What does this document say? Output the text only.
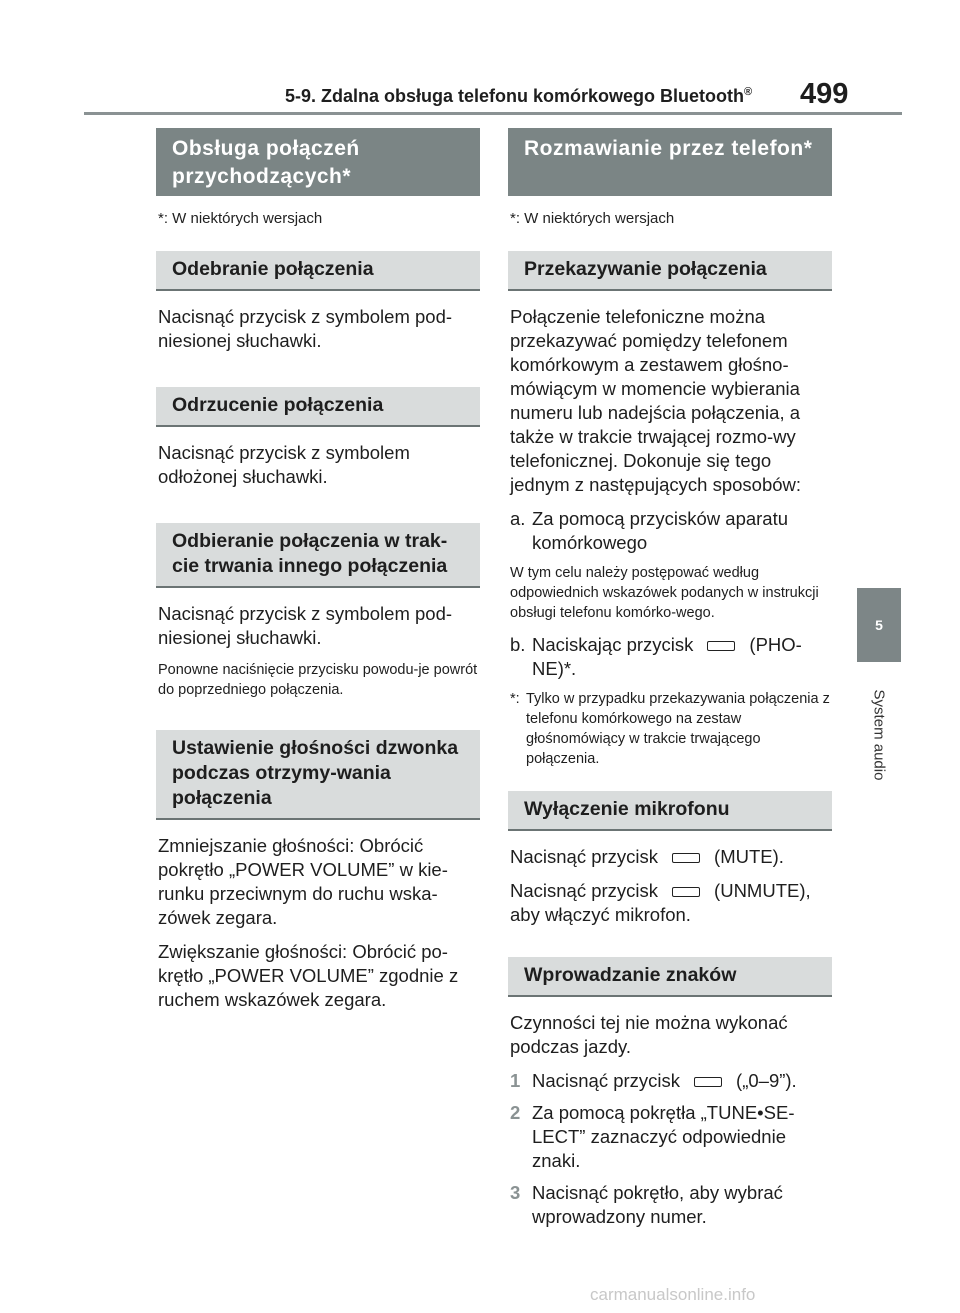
5-9. Zdalna obsługa telefonu komórkowego Bluetooth® 499
5
System audio
Obsługa połączeń przychodzących*
*: W niektórych wersjach
Odebranie połączenia
Nacisnąć przycisk z symbolem pod-niesionej słuchawki.
Odrzucenie połączenia
Nacisnąć przycisk z symbolem odłożonej słuchawki.
Odbieranie połączenia w trak-cie trwania innego połączenia
Nacisnąć przycisk z symbolem pod-niesionej słuchawki.
Ponowne naciśnięcie przycisku powodu-je powrót do poprzedniego połączenia.
Ustawienie głośności dzwonka podczas otrzymy-wania połączenia
Zmniejszanie głośności: Obrócić pokrętło „POWER VOLUME” w kie-runku przeciwnym do ruchu wska-zówek zegara.
Zwiększanie głośności: Obrócić po-krętło „POWER VOLUME” zgodnie z ruchem wskazówek zegara.
Rozmawianie przez telefon*
*: W niektórych wersjach
Przekazywanie połączenia
Połączenie telefoniczne można przekazywać pomiędzy telefonem komórkowym a zestawem głośno-mówiącym w momencie wybierania numeru lub nadejścia połączenia, a także w trakcie trwającej rozmo-wy telefonicznej. Dokonuje się tego jednym z następujących sposobów:
a. Za pomocą przycisków aparatu komórkowego
W tym celu należy postępować według odpowiednich wskazówek podanych w instrukcji obsługi telefonu komórko-wego.
b. Naciskając przycisk	(PHO-NE)*.
*: Tylko w przypadku przekazywania połączenia z telefonu komórkowego na zestaw głośnomówiący w trakcie trwającego połączenia.
Wyłączenie mikrofonu
Nacisnąć przycisk	(MUTE).
Nacisnąć przycisk	(UNMUTE),
aby włączyć mikrofon.
Wprowadzanie znaków
Czynności tej nie można wykonać podczas jazdy.
1 Nacisnąć przycisk	(„0–9”).
2 Za pomocą pokrętła „TUNE•SE-LECT” zaznaczyć odpowiednie znaki.
3 Nacisnąć pokrętło, aby wybrać wprowadzony numer.
carmanualsonline.info
